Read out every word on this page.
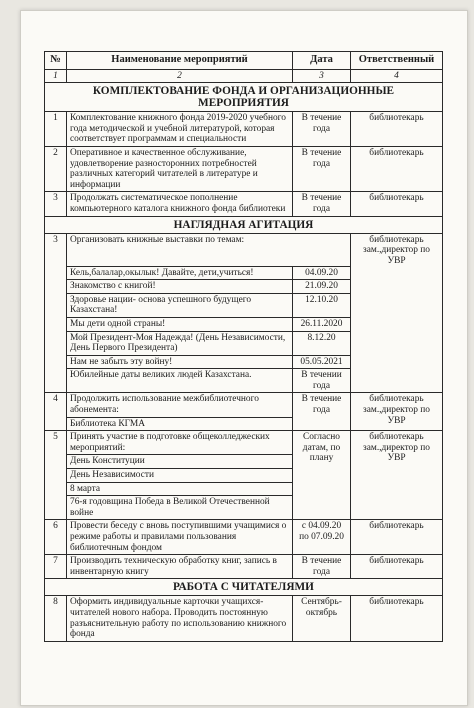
№	Наименование мероприятий	Дата	Ответственный
1	2	3	4
КОМПЛЕКТОВАНИЕ ФОНДА И ОРГАНИЗАЦИОННЫЕ МЕРОПРИЯТИЯ			
1	Комплектование книжного фонда 2019-2020 учебного года методической и учебной литературой, которая соответствует программам и специальности	В течение года	библиотекарь
2	Оперативное и качественное обслуживание, удовлетворение разносторонних потребностей различных категорий читателей в литературе и информации	В течение года	библиотекарь
3	Продолжать систематическое пополнение компьютерного каталога книжного фонда библиотеки	В течение года	библиотекарь
НАГЛЯДНАЯ АГИТАЦИЯ			
3	Организовать книжные выставки по темам:		библиотекарь зам.,директор по УВР
	Кель,балалар,окылык! Давайте, дети,учиться!	04.09.20	
	Знакомство с книгой!	21.09.20	
	Здоровье нации- основа успешного будущего Казахстана!	12.10.20	
	Мы дети одной страны!	26.11.2020	
	Мой Президент-Моя Надежда! (День Независимости, День Первого Президента)	8.12.20	
	Нам не забыть эту войну!	05.05.2021	
	Юбилейные даты великих людей Казахстана.	В течении года	
4	Продолжить использование межбиблиотечного абонемента:	В течение года	библиотекарь зам.,директор по УВР
	Библиотека КГМА		
5	Принять участие в подготовке общеколледжеских мероприятий:	Согласно датам, по плану	библиотекарь зам.,директор по УВР
	День Конституции		
	День Независимости		
	8 марта		
	76-я годовщина Победа в Великой Отечественной войне		
6	Провести беседу с вновь поступившими учащимися о режиме работы и правилами пользования библиотечным фондом	с 04.09.20 по 07.09.20	библиотекарь
7	Производить техническую обработку книг, запись в инвентарную книгу	В течение года	библиотекарь
РАБОТА С ЧИТАТЕЛЯМИ			
8	Оформить индивидуальные карточки учащихся-читателей нового набора. Проводить постоянную разъяснительную работу по использованию книжного фонда	Сентябрь-октябрь	библиотекарь
